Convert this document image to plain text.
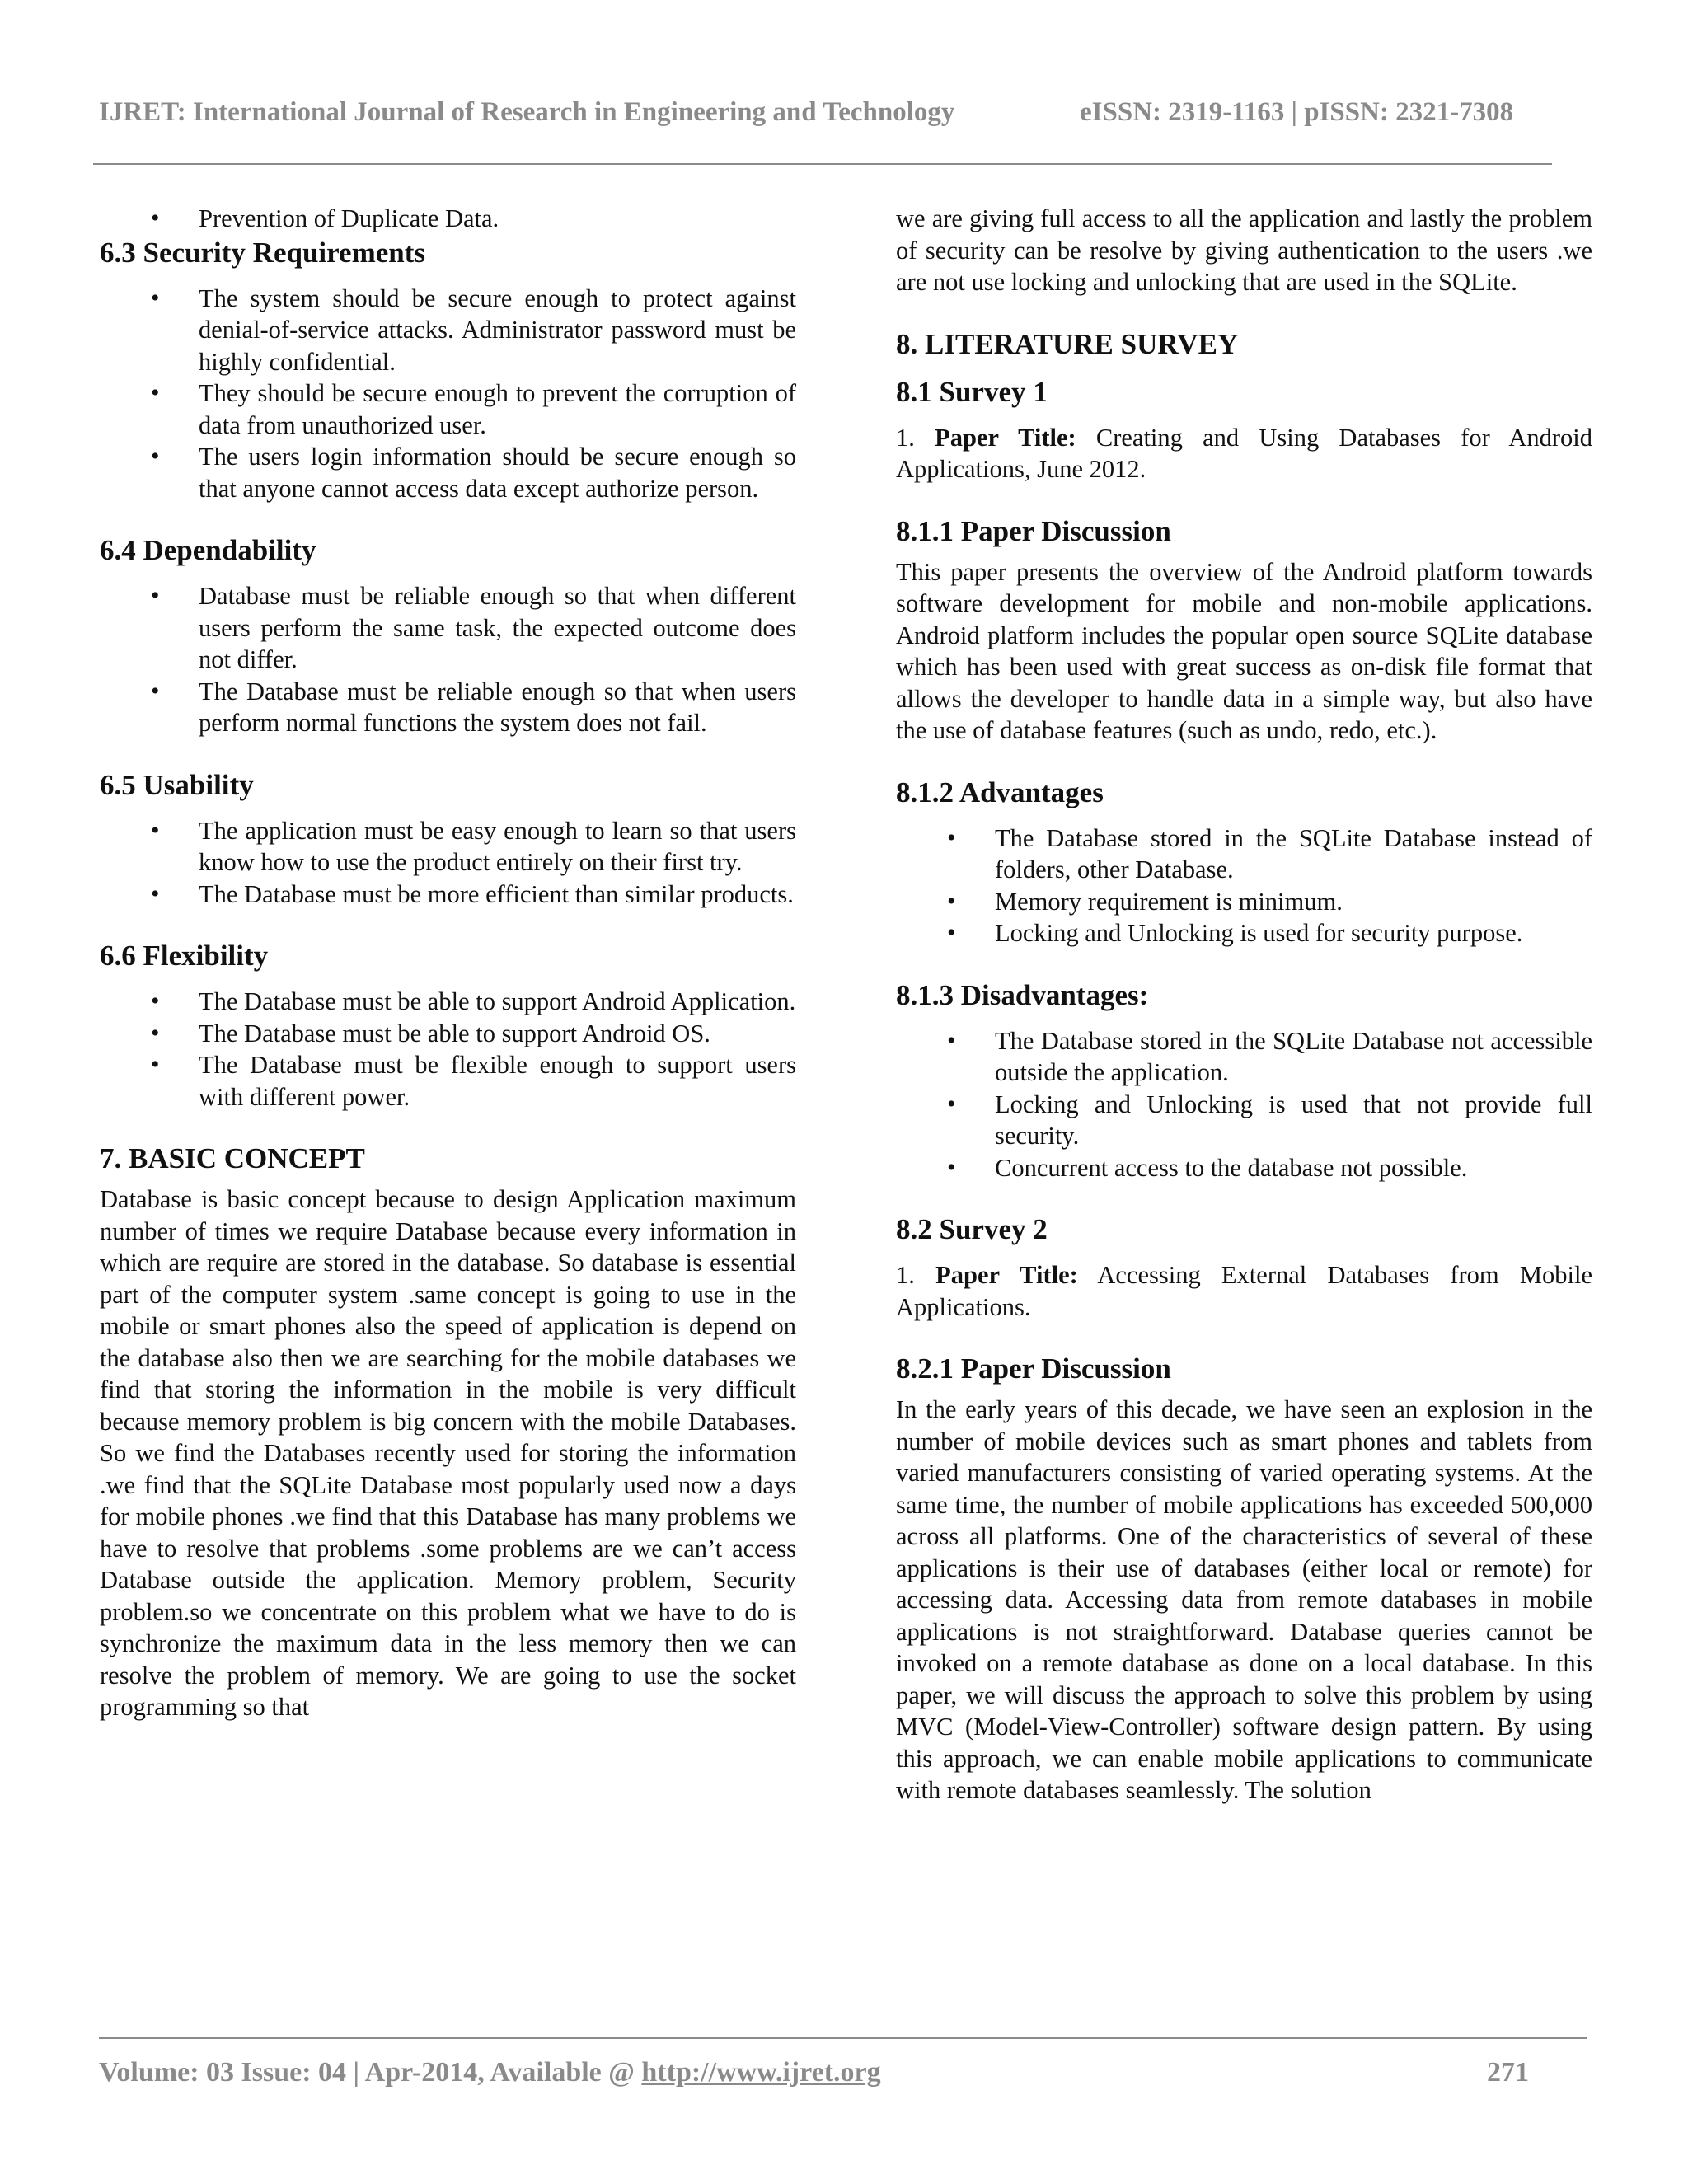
IJRET: International Journal of Research in Engineering and Technology	eISSN: 2319-1163 | pISSN: 2321-7308
• Prevention of Duplicate Data.
6.3 Security Requirements
• The system should be secure enough to protect against denial-of-service attacks. Administrator password must be highly confidential.
• They should be secure enough to prevent the corruption of data from unauthorized user.
• The users login information should be secure enough so that anyone cannot access data except authorize person.
6.4 Dependability
• Database must be reliable enough so that when different users perform the same task, the expected outcome does not differ.
• The Database must be reliable enough so that when users perform normal functions the system does not fail.
6.5 Usability
• The application must be easy enough to learn so that users know how to use the product entirely on their first try.
• The Database must be more efficient than similar products.
6.6 Flexibility
• The Database must be able to support Android Application.
• The Database must be able to support Android OS.
• The Database must be flexible enough to support users with different power.
7. BASIC CONCEPT

Database is basic concept because to design Application maximum number of times we require Database because every information in which are require are stored in the database. So database is essential part of the computer system .same concept is going to use in the mobile or smart phones also the speed of application is depend on the database also then we are searching for the mobile databases we find that storing the information in the mobile is very difficult because memory problem is big concern with the mobile Databases. So we find the Databases recently used for storing the information .we find that the SQLite Database most popularly used now a days for mobile phones .we find that this Database has many problems we have to resolve that problems .some problems are we can’t access Database outside the application. Memory problem, Security problem.so we concentrate on this problem what we have to do is synchronize the maximum data in the less memory then we can resolve the problem of memory. We are going to use the socket programming so that

we are giving full access to all the application and lastly the problem of security can be resolve by giving authentication to the users .we are not use locking and unlocking that are used in the SQLite.

8. LITERATURE SURVEY
8.1 Survey 1

1. Paper Title: Creating and Using Databases for Android Applications, June 2012.

8.1.1 Paper Discussion

This paper presents the overview of the Android platform towards software development for mobile and non-mobile applications. Android platform includes the popular open source SQLite database which has been used with great success as on-disk file format that allows the developer to handle data in a simple way, but also have the use of database features (such as undo, redo, etc.).

8.1.2 Advantages
• The Database stored in the SQLite Database instead of folders, other Database.
• Memory requirement is minimum.
• Locking and Unlocking is used for security purpose.
8.1.3 Disadvantages:
• The Database stored in the SQLite Database not accessible outside the application.
• Locking and Unlocking is used that not provide full security.
• Concurrent access to the database not possible.
8.2 Survey 2

1. Paper Title: Accessing External Databases from Mobile Applications.

8.2.1 Paper Discussion

In the early years of this decade, we have seen an explosion in the number of mobile devices such as smart phones and tablets from varied manufacturers consisting of varied operating systems. At the same time, the number of mobile applications has exceeded 500,000 across all platforms. One of the characteristics of several of these applications is their use of databases (either local or remote) for accessing data. Accessing data from remote databases in mobile applications is not straightforward. Database queries cannot be invoked on a remote database as done on a local database. In this paper, we will discuss the approach to solve this problem by using MVC (Model-View-Controller) software design pattern. By using this approach, we can enable mobile applications to communicate with remote databases seamlessly. The solution

Volume: 03 Issue: 04 | Apr-2014, Available @ http://www.ijret.org	271
